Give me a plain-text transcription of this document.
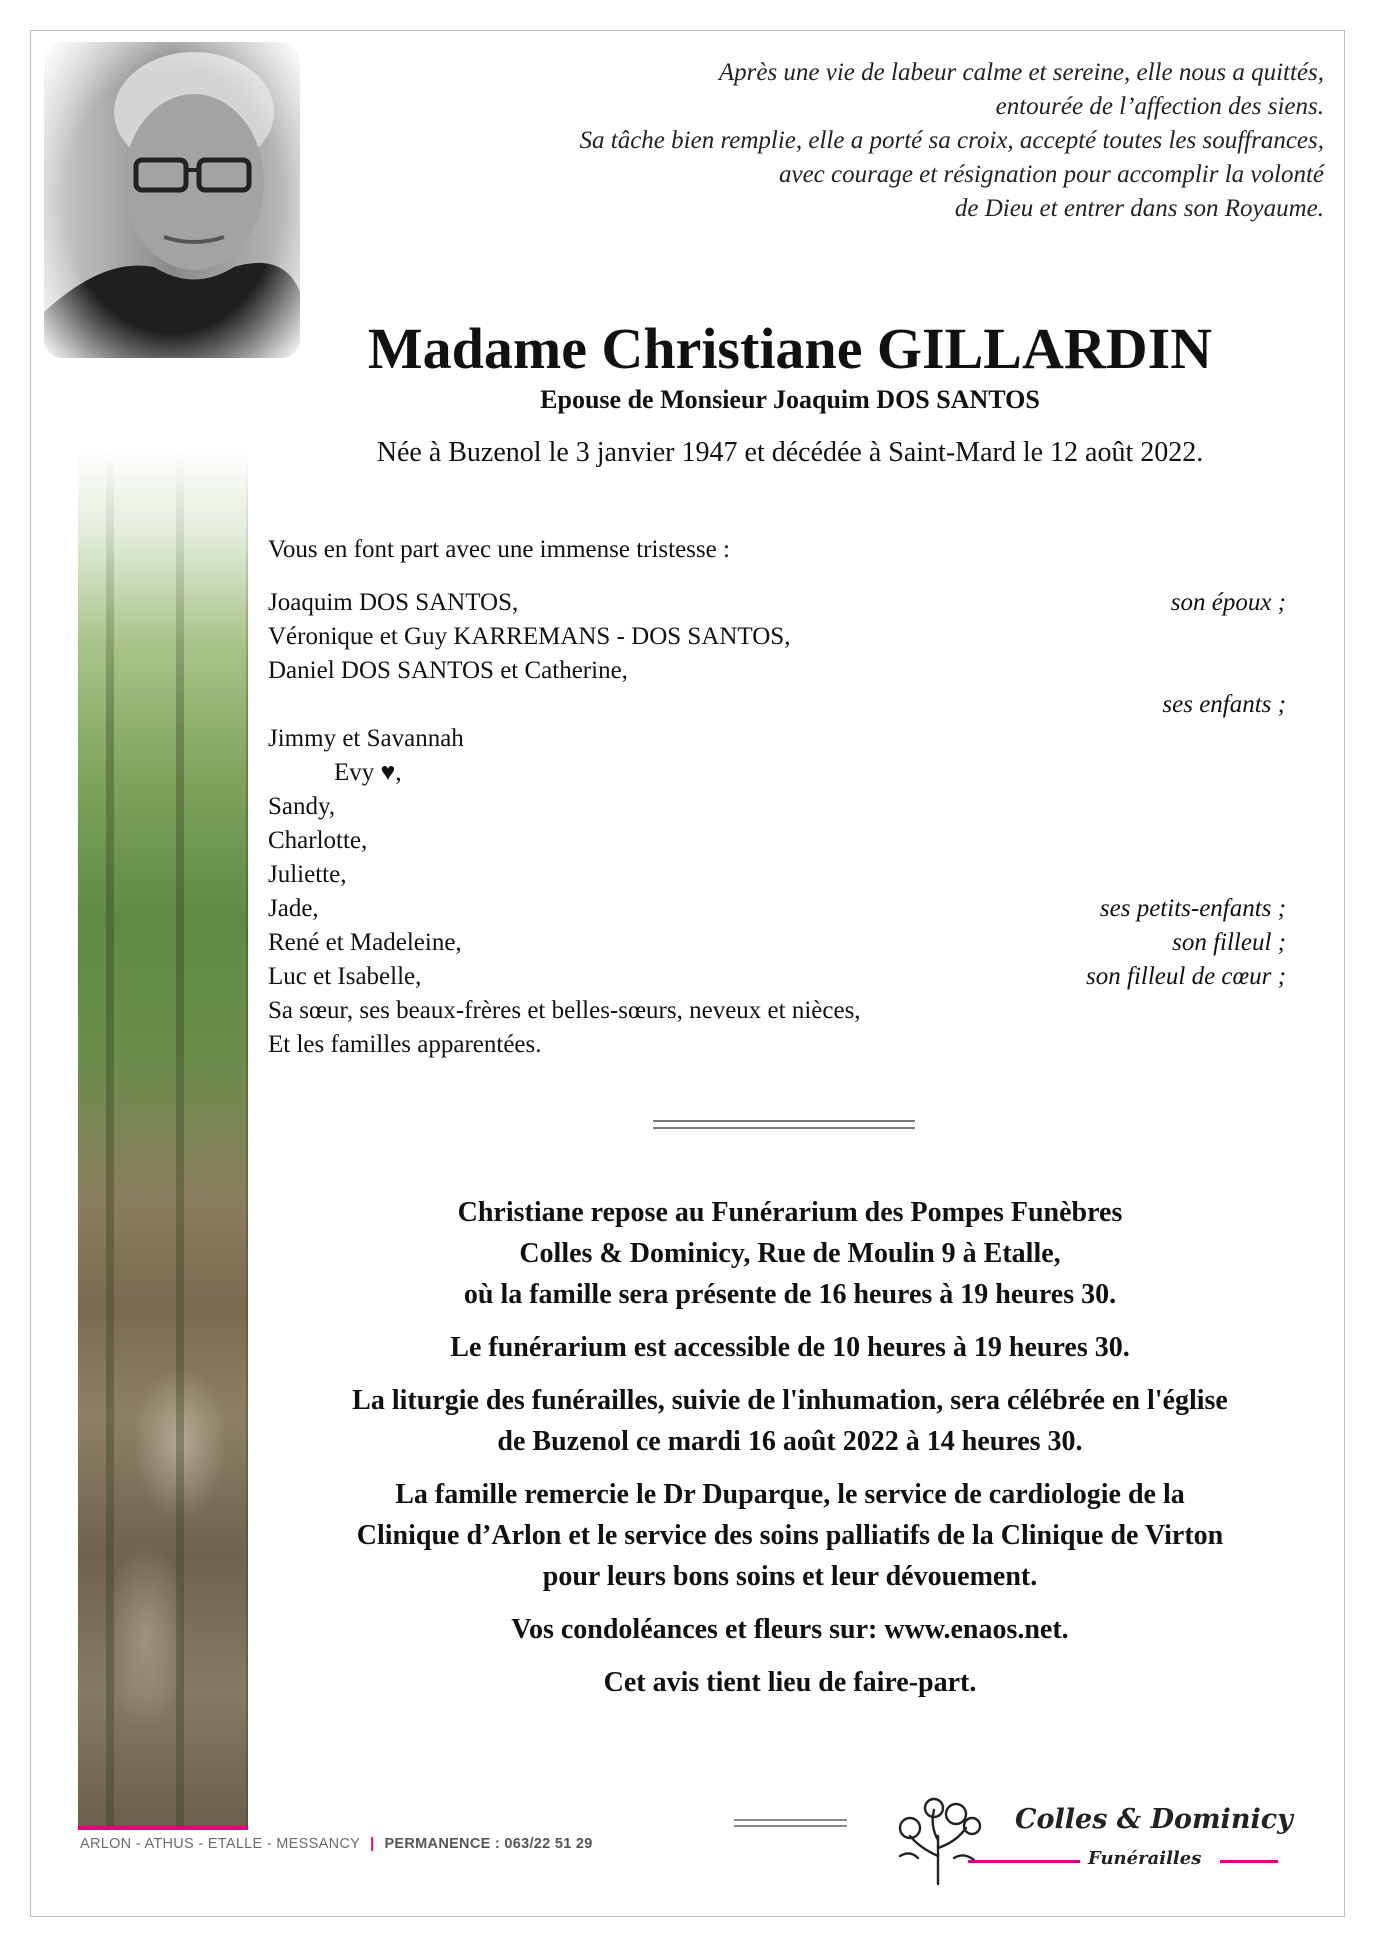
Après une vie de labeur calme et sereine, elle nous a quittés,
entourée de l’affection des siens.
Sa tâche bien remplie, elle a porté sa croix, accepté toutes les souffrances,
avec courage et résignation pour accomplir la volonté
de Dieu et entrer dans son Royaume.
Madame Christiane GILLARDIN
Epouse de Monsieur Joaquim DOS SANTOS
Née à Buzenol le 3 janvier 1947 et décédée à Saint-Mard le 12 août 2022.
Vous en font part avec une immense tristesse :
Joaquim DOS SANTOS,	son époux ;
Véronique et Guy KARREMANS - DOS SANTOS,
Daniel DOS SANTOS et Catherine,
ses enfants ;
Jimmy et Savannah
Evy ♥,
Sandy,
Charlotte,
Juliette,
Jade,	ses petits-enfants ;
René et Madeleine,	son filleul ;
Luc et Isabelle,	son filleul de cœur ;
Sa sœur, ses beaux-frères et belles-sœurs, neveux et nièces,
Et les familles apparentées.

Christiane repose au Funérarium des Pompes Funèbres
Colles & Dominicy, Rue de Moulin 9 à Etalle,
où la famille sera présente de 16 heures à 19 heures 30.

Le funérarium est accessible de 10 heures à 19 heures 30.

La liturgie des funérailles, suivie de l'inhumation, sera célébrée en l'église
de Buzenol ce mardi 16 août 2022 à 14 heures 30.

La famille remercie le Dr Duparque, le service de cardiologie de la
Clinique d’Arlon et le service des soins palliatifs de la Clinique de Virton
pour leurs bons soins et leur dévouement.

Vos condoléances et fleurs sur: www.enaos.net.

Cet avis tient lieu de faire-part.

ARLON - ATHUS - ETALLE - MESSANCY | PERMANENCE : 063/22 51 29
Colles & Dominicy
Funérailles
